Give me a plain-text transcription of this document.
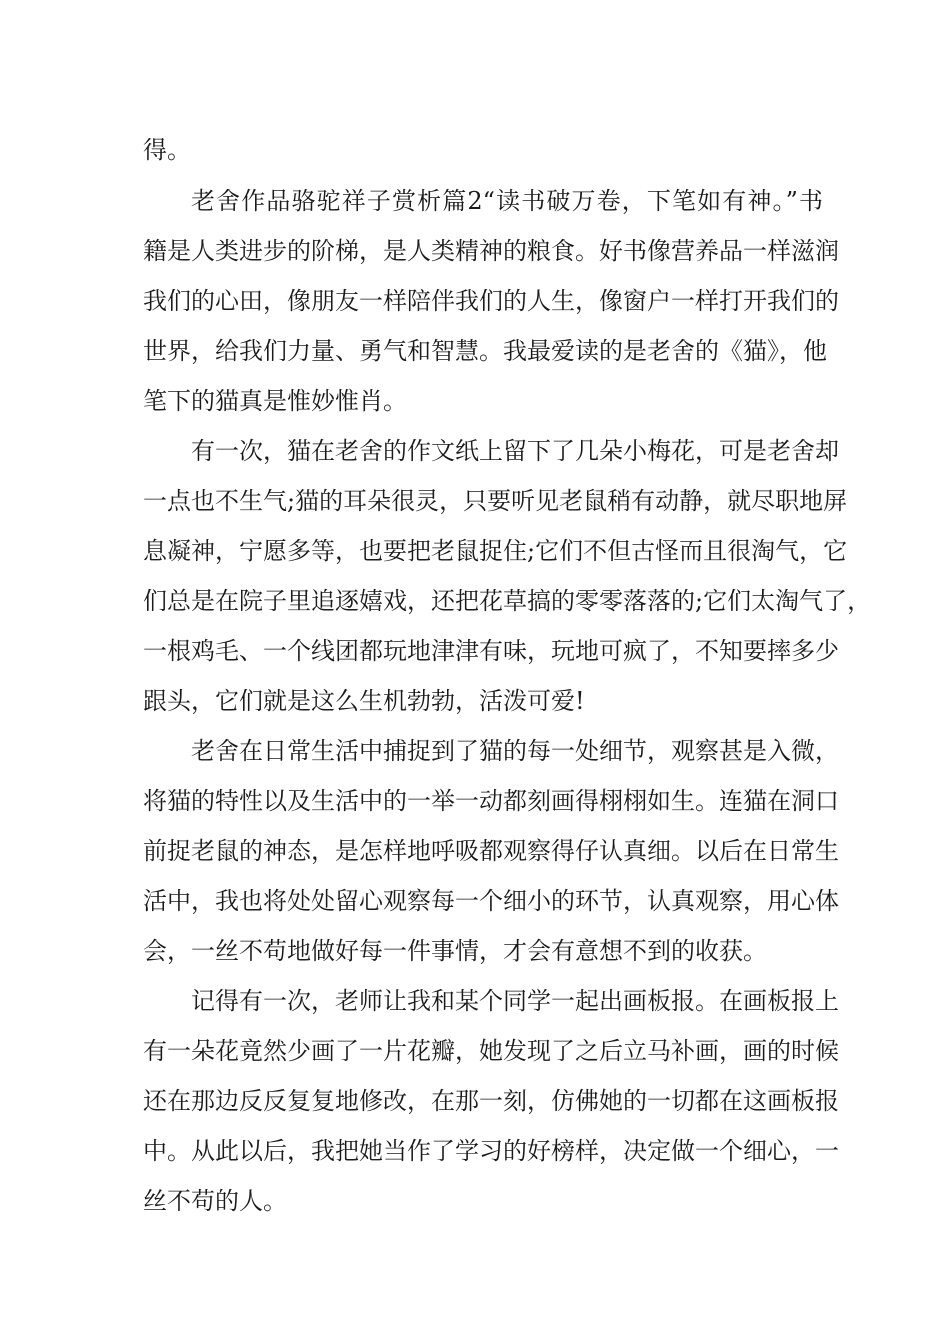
得。

老舍作品骆驼祥子赏析篇2“读书破万卷，下笔如有神。”书

籍是人类进步的阶梯，是人类精神的粮食。好书像营养品一样滋润

我们的心田，像朋友一样陪伴我们的人生，像窗户一样打开我们的

世界，给我们力量、勇气和智慧。我最爱读的是老舍的《猫》，他

笔下的猫真是惟妙惟肖。

有一次，猫在老舍的作文纸上留下了几朵小梅花，可是老舍却

一点也不生气;猫的耳朵很灵，只要听见老鼠稍有动静，就尽职地屏

息凝神，宁愿多等，也要把老鼠捉住;它们不但古怪而且很淘气，它

们总是在院子里追逐嬉戏，还把花草搞的零零落落的;它们太淘气了，

一根鸡毛、一个线团都玩地津津有味，玩地可疯了，不知要摔多少

跟头，它们就是这么生机勃勃，活泼可爱!

老舍在日常生活中捕捉到了猫的每一处细节，观察甚是入微，

将猫的特性以及生活中的一举一动都刻画得栩栩如生。连猫在洞口

前捉老鼠的神态，是怎样地呼吸都观察得仔认真细。以后在日常生

活中，我也将处处留心观察每一个细小的环节，认真观察，用心体

会，一丝不苟地做好每一件事情，才会有意想不到的收获。

记得有一次，老师让我和某个同学一起出画板报。在画板报上

有一朵花竟然少画了一片花瓣，她发现了之后立马补画，画的时候

还在那边反反复复地修改，在那一刻，仿佛她的一切都在这画板报

中。从此以后，我把她当作了学习的好榜样，决定做一个细心，一

丝不苟的人。
